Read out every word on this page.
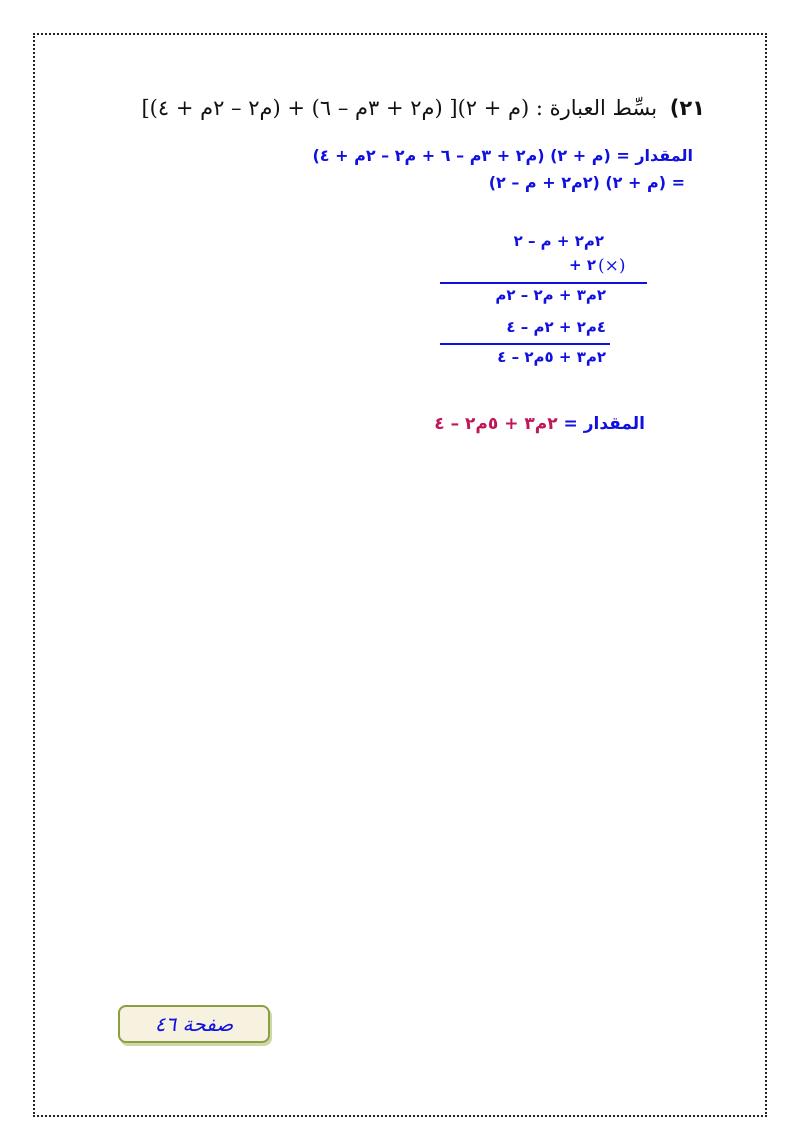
٢١) بسِّط العبارة : (م + ٢)[ (م٢ + ٣م – ٦) + (م٢ – ٢م + ٤)]
المقدار = (م + ٢) (م٢ + ٣م – ٦ + م٢ – ٢م + ٤)
= (م + ٢) (٢م٢ + م – ٢)
٢م٢ + م – ٢
+ ٢ (×)
٢م٣ + م٢ – ٢م
٤م٢ + ٢م – ٤
٢م٣ + ٥م٢ – ٤
المقدار = ٢م٣ + ٥م٢ – ٤
صفحة ٤٦
